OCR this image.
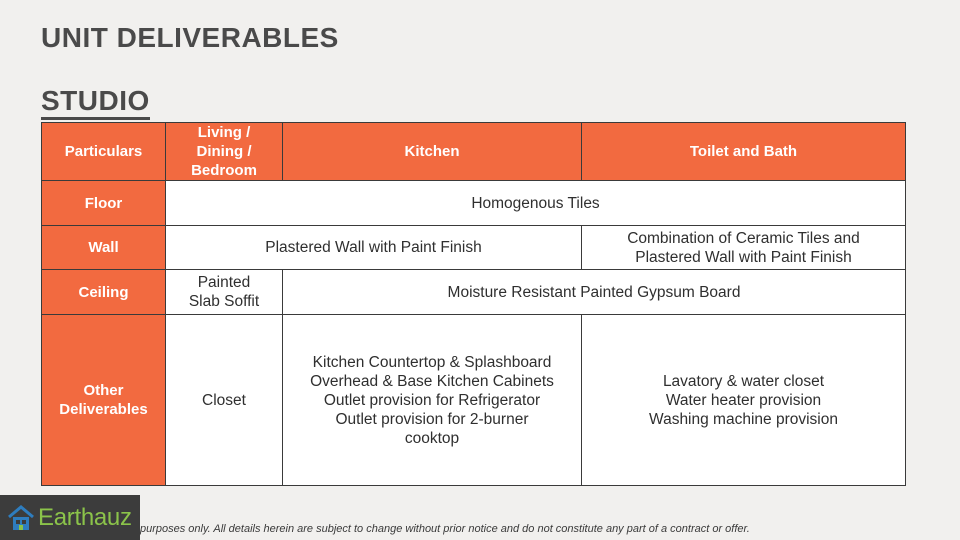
UNIT DELIVERABLES
STUDIO
Particulars	Living /
Dining /
Bedroom	Kitchen	Toilet and Bath
Floor	Homogenous Tiles		
Wall	Plastered Wall with Paint Finish		Combination of Ceramic Tiles and
Plastered Wall with Paint Finish
Ceiling	Painted
Slab Soffit	Moisture Resistant Painted Gypsum Board	
Other
Deliverables	Closet	Kitchen Countertop & Splashboard
Overhead & Base Kitchen Cabinets
Outlet provision for Refrigerator
Outlet provision for 2-burner
cooktop	Lavatory & water closet
Water heater provision
Washing machine provision
Earthauz purposes only. All details herein are subject to change without prior notice and do not constitute any part of a contract or offer.
